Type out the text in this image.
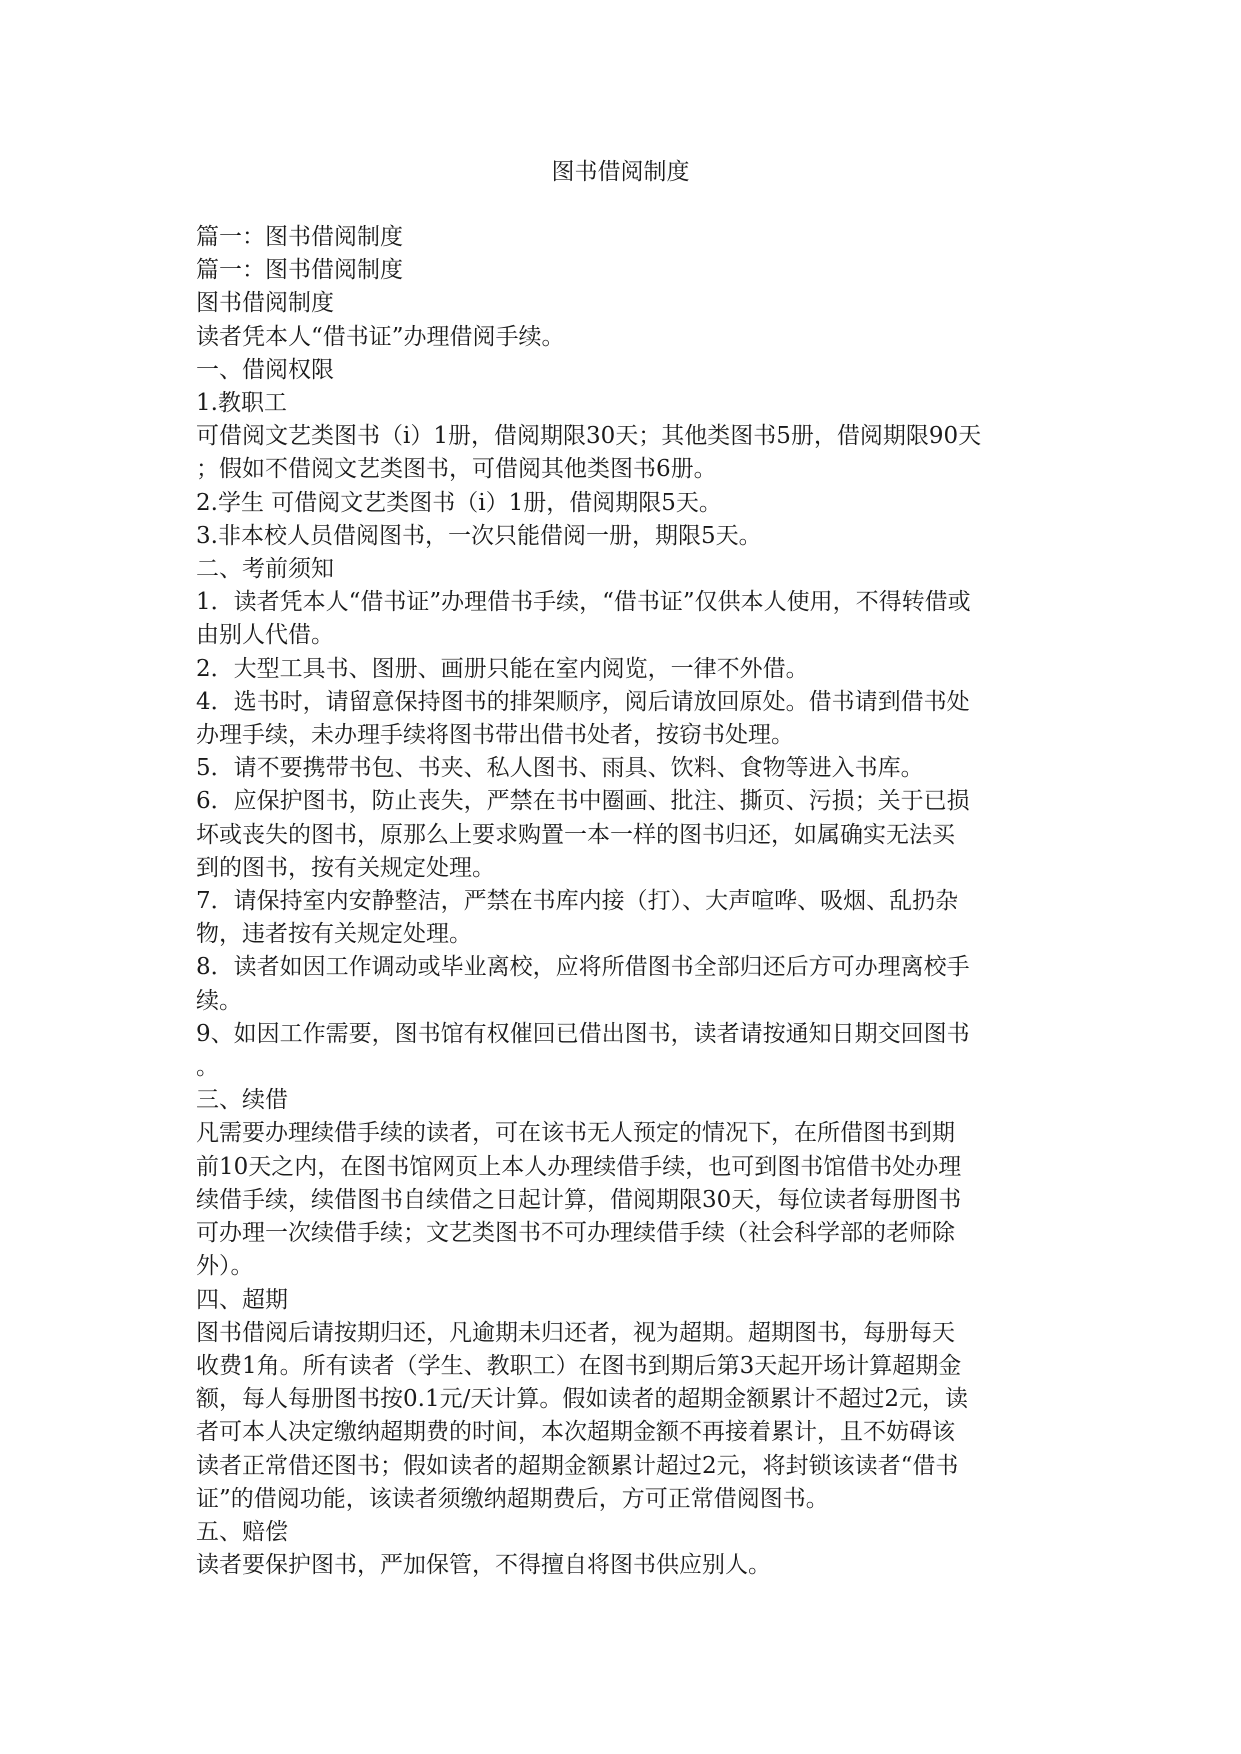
图书借阅制度

篇一：图书借阅制度

篇一：图书借阅制度

图书借阅制度

读者凭本人“借书证”办理借阅手续。

一、借阅权限

1.教职工

可借阅文艺类图书（i）1册，借阅期限30天；其他类图书5册，借阅期限90天

；假如不借阅文艺类图书，可借阅其他类图书6册。

2.学生 可借阅文艺类图书（i）1册，借阅期限5天。

3.非本校人员借阅图书，一次只能借阅一册，期限5天。

二、考前须知

1．读者凭本人“借书证”办理借书手续，“借书证”仅供本人使用，不得转借或

由别人代借。

2．大型工具书、图册、画册只能在室内阅览，一律不外借。

4．选书时，请留意保持图书的排架顺序，阅后请放回原处。借书请到借书处

办理手续，未办理手续将图书带出借书处者，按窃书处理。

5．请不要携带书包、书夹、私人图书、雨具、饮料、食物等进入书库。

6．应保护图书，防止丧失，严禁在书中圈画、批注、撕页、污损；关于已损

坏或丧失的图书，原那么上要求购置一本一样的图书归还，如属确实无法买

到的图书，按有关规定处理。

7．请保持室内安静整洁，严禁在书库内接（打）、大声喧哗、吸烟、乱扔杂

物，违者按有关规定处理。

8．读者如因工作调动或毕业离校，应将所借图书全部归还后方可办理离校手

续。

9、如因工作需要，图书馆有权催回已借出图书，读者请按通知日期交回图书

。

三、续借

凡需要办理续借手续的读者，可在该书无人预定的情况下，在所借图书到期

前10天之内，在图书馆网页上本人办理续借手续，也可到图书馆借书处办理

续借手续，续借图书自续借之日起计算，借阅期限30天，每位读者每册图书

可办理一次续借手续；文艺类图书不可办理续借手续（社会科学部的老师除

外）。

四、超期

图书借阅后请按期归还，凡逾期未归还者，视为超期。超期图书，每册每天

收费1角。所有读者（学生、教职工）在图书到期后第3天起开场计算超期金

额，每人每册图书按0.1元/天计算。假如读者的超期金额累计不超过2元，读

者可本人决定缴纳超期费的时间，本次超期金额不再接着累计，且不妨碍该

读者正常借还图书；假如读者的超期金额累计超过2元，将封锁该读者“借书

证”的借阅功能，该读者须缴纳超期费后，方可正常借阅图书。

五、赔偿

读者要保护图书，严加保管，不得擅自将图书供应别人。
